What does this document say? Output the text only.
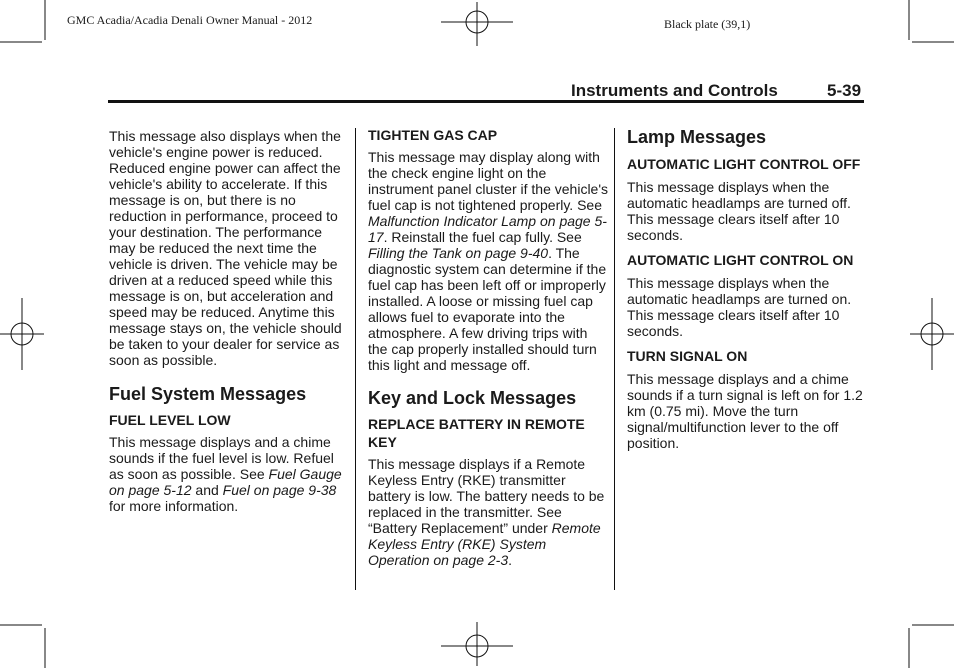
GMC Acadia/Acadia Denali Owner Manual - 2012	Black plate (39,1)
Instruments and Controls	5-39

This message also displays when the vehicle's engine power is reduced. Reduced engine power can affect the vehicle's ability to accelerate. If this message is on, but there is no reduction in performance, proceed to your destination. The performance may be reduced the next time the vehicle is driven. The vehicle may be driven at a reduced speed while this message is on, but acceleration and speed may be reduced. Anytime this message stays on, the vehicle should be taken to your dealer for service as soon as possible.

Fuel System Messages

FUEL LEVEL LOW

This message displays and a chime sounds if the fuel level is low. Refuel as soon as possible. See Fuel Gauge on page 5-12 and Fuel on page 9-38 for more information.

TIGHTEN GAS CAP

This message may display along with the check engine light on the instrument panel cluster if the vehicle's fuel cap is not tightened properly. See Malfunction Indicator Lamp on page 5-17. Reinstall the fuel cap fully. See Filling the Tank on page 9-40. The diagnostic system can determine if the fuel cap has been left off or improperly installed. A loose or missing fuel cap allows fuel to evaporate into the atmosphere. A few driving trips with the cap properly installed should turn this light and message off.

Key and Lock Messages

REPLACE BATTERY IN REMOTE KEY

This message displays if a Remote Keyless Entry (RKE) transmitter battery is low. The battery needs to be replaced in the transmitter. See “Battery Replacement” under Remote Keyless Entry (RKE) System Operation on page 2-3.

Lamp Messages

AUTOMATIC LIGHT CONTROL OFF

This message displays when the automatic headlamps are turned off. This message clears itself after 10 seconds.

AUTOMATIC LIGHT CONTROL ON

This message displays when the automatic headlamps are turned on. This message clears itself after 10 seconds.

TURN SIGNAL ON

This message displays and a chime sounds if a turn signal is left on for 1.2 km (0.75 mi). Move the turn signal/multifunction lever to the off position.
